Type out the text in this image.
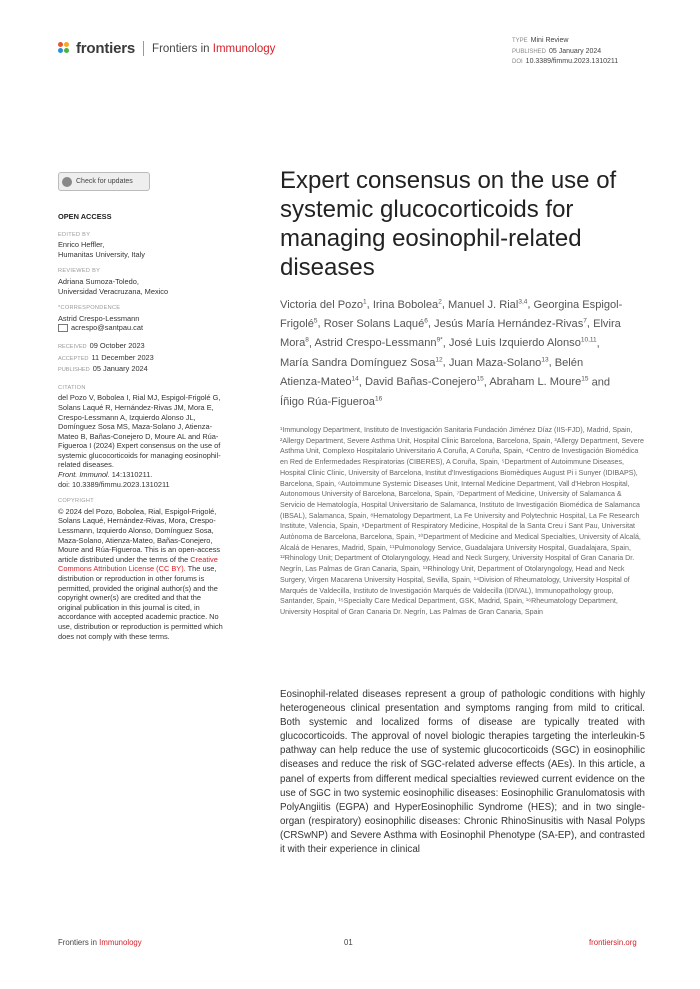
frontiers Frontiers in Immunology
TYPE Mini Review
PUBLISHED 05 January 2024
DOI 10.3389/fimmu.2023.1310211
Check for updates
OPEN ACCESS
EDITED BY
Enrico Heffler,
Humanitas University, Italy
REVIEWED BY
Adriana Sumoza-Toledo,
Universidad Veracruzana, Mexico
*CORRESPONDENCE
Astrid Crespo-Lessmann
acrespo@santpau.cat
RECEIVED 09 October 2023
ACCEPTED 11 December 2023
PUBLISHED 05 January 2024
CITATION
del Pozo V, Bobolea I, Rial MJ, Espigol-Frigolé G, Solans Laqué R, Hernández-Rivas JM, Mora E, Crespo-Lessmann A, Izquierdo Alonso JL, Domínguez Sosa MS, Maza-Solano J, Atienza-Mateo B, Bañas-Conejero D, Moure AL and Rúa-Figueroa I (2024) Expert consensus on the use of systemic glucocorticoids for managing eosinophil-related diseases.
Front. Immunol. 14:1310211.
doi: 10.3389/fimmu.2023.1310211
COPYRIGHT
© 2024 del Pozo, Bobolea, Rial, Espigol-Frigolé, Solans Laqué, Hernández-Rivas, Mora, Crespo-Lessmann, Izquierdo Alonso, Domínguez Sosa, Maza-Solano, Atienza-Mateo, Bañas-Conejero, Moure and Rúa-Figueroa. This is an open-access article distributed under the terms of the Creative Commons Attribution License (CC BY). The use, distribution or reproduction in other forums is permitted, provided the original author(s) and the copyright owner(s) are credited and that the original publication in this journal is cited, in accordance with accepted academic practice. No use, distribution or reproduction is permitted which does not comply with these terms.
Expert consensus on the use of systemic glucocorticoids for managing eosinophil-related diseases
Victoria del Pozo$^1$, Irina Bobolea$^2$, Manuel J. Rial$^{3,4}$, Georgina Espigol-Frigolé$^5$, Roser Solans Laqué$^6$, Jesús María Hernández-Rivas$^7$, Elvira Mora$^8$, Astrid Crespo-Lessmann$^{9*}$, José Luis Izquierdo Alonso$^{10,11}$, María Sandra Domínguez Sosa$^{12}$, Juan Maza-Solano$^{13}$, Belén Atienza-Mateo$^{14}$, David Bañas-Conejero$^{15}$, Abraham L. Moure$^{15}$ and Íñigo Rúa-Figueroa$^{16}$
¹Immunology Department, Instituto de Investigación Sanitaria Fundación Jiménez Díaz (IIS-FJD), Madrid, Spain, ²Allergy Department, Severe Asthma Unit, Hospital Clinic Barcelona, Barcelona, Spain, ³Allergy Department, Severe Asthma Unit, Complexo Hospitalario Universitario A Coruña, A Coruña, Spain, ⁴Centro de Investigación Biomédica en Red de Enfermedades Respiratorias (CIBERES), A Coruña, Spain, ⁵Department of Autoimmune Diseases, Hospital Clinic Clinic, University of Barcelona, Institut d'Investigacions Biomèdiques August Pi i Sunyer (IDIBAPS), Barcelona, Spain, ⁶Autoimmune Systemic Diseases Unit, Internal Medicine Department, Vall d'Hebron Hospital, Autonomous University of Barcelona, Barcelona, Spain, ⁷Department of Medicine, University of Salamanca & Servicio de Hematología, Hospital Universitario de Salamanca, Instituto de Investigación Biomédica de Salamanca (IBSAL), Salamanca, Spain, ⁸Hematology Department, La Fe University and Polytechnic Hospital, La Fe Research Institute, Valencia, Spain, ⁹Department of Respiratory Medicine, Hospital de la Santa Creu i Sant Pau, Universitat Autònoma de Barcelona, Barcelona, Spain, ¹⁰Department of Medicine and Medical Specialties, University of Alcalá, Alcalá de Henares, Madrid, Spain, ¹¹Pulmonology Service, Guadalajara University Hospital, Guadalajara, Spain, ¹²Rhinology Unit; Department of Otolaryngology, Head and Neck Surgery, University Hospital of Gran Canaria Dr. Negrín, Las Palmas de Gran Canaria, Spain, ¹³Rhinology Unit, Department of Otolaryngology, Head and Neck Surgery, Virgen Macarena University Hospital, Sevilla, Spain, ¹⁴Division of Rheumatology, University Hospital of Marqués de Valdecilla, Instituto de Investigación Marqués de Valdecilla (IDIVAL), Immunopathology group, Santander, Spain, ¹⁵Specialty Care Medical Department, GSK, Madrid, Spain, ¹⁶Rheumatology Department, University Hospital of Gran Canaria Dr. Negrín, Las Palmas de Gran Canaria, Spain
Eosinophil-related diseases represent a group of pathologic conditions with highly heterogeneous clinical presentation and symptoms ranging from mild to critical. Both systemic and localized forms of disease are typically treated with glucocorticoids. The approval of novel biologic therapies targeting the interleukin-5 pathway can help reduce the use of systemic glucocorticoids (SGC) in eosinophilic diseases and reduce the risk of SGC-related adverse effects (AEs). In this article, a panel of experts from different medical specialties reviewed current evidence on the use of SGC in two systemic eosinophilic diseases: Eosinophilic Granulomatosis with PolyAngiitis (EGPA) and HyperEosinophilic Syndrome (HES); and in two single-organ (respiratory) eosinophilic diseases: Chronic RhinoSinusitis with Nasal Polyps (CRSwNP) and Severe Asthma with Eosinophil Phenotype (SA-EP), and contrasted it with their experience in clinical
Frontiers in Immunology	01	frontiersin.org
